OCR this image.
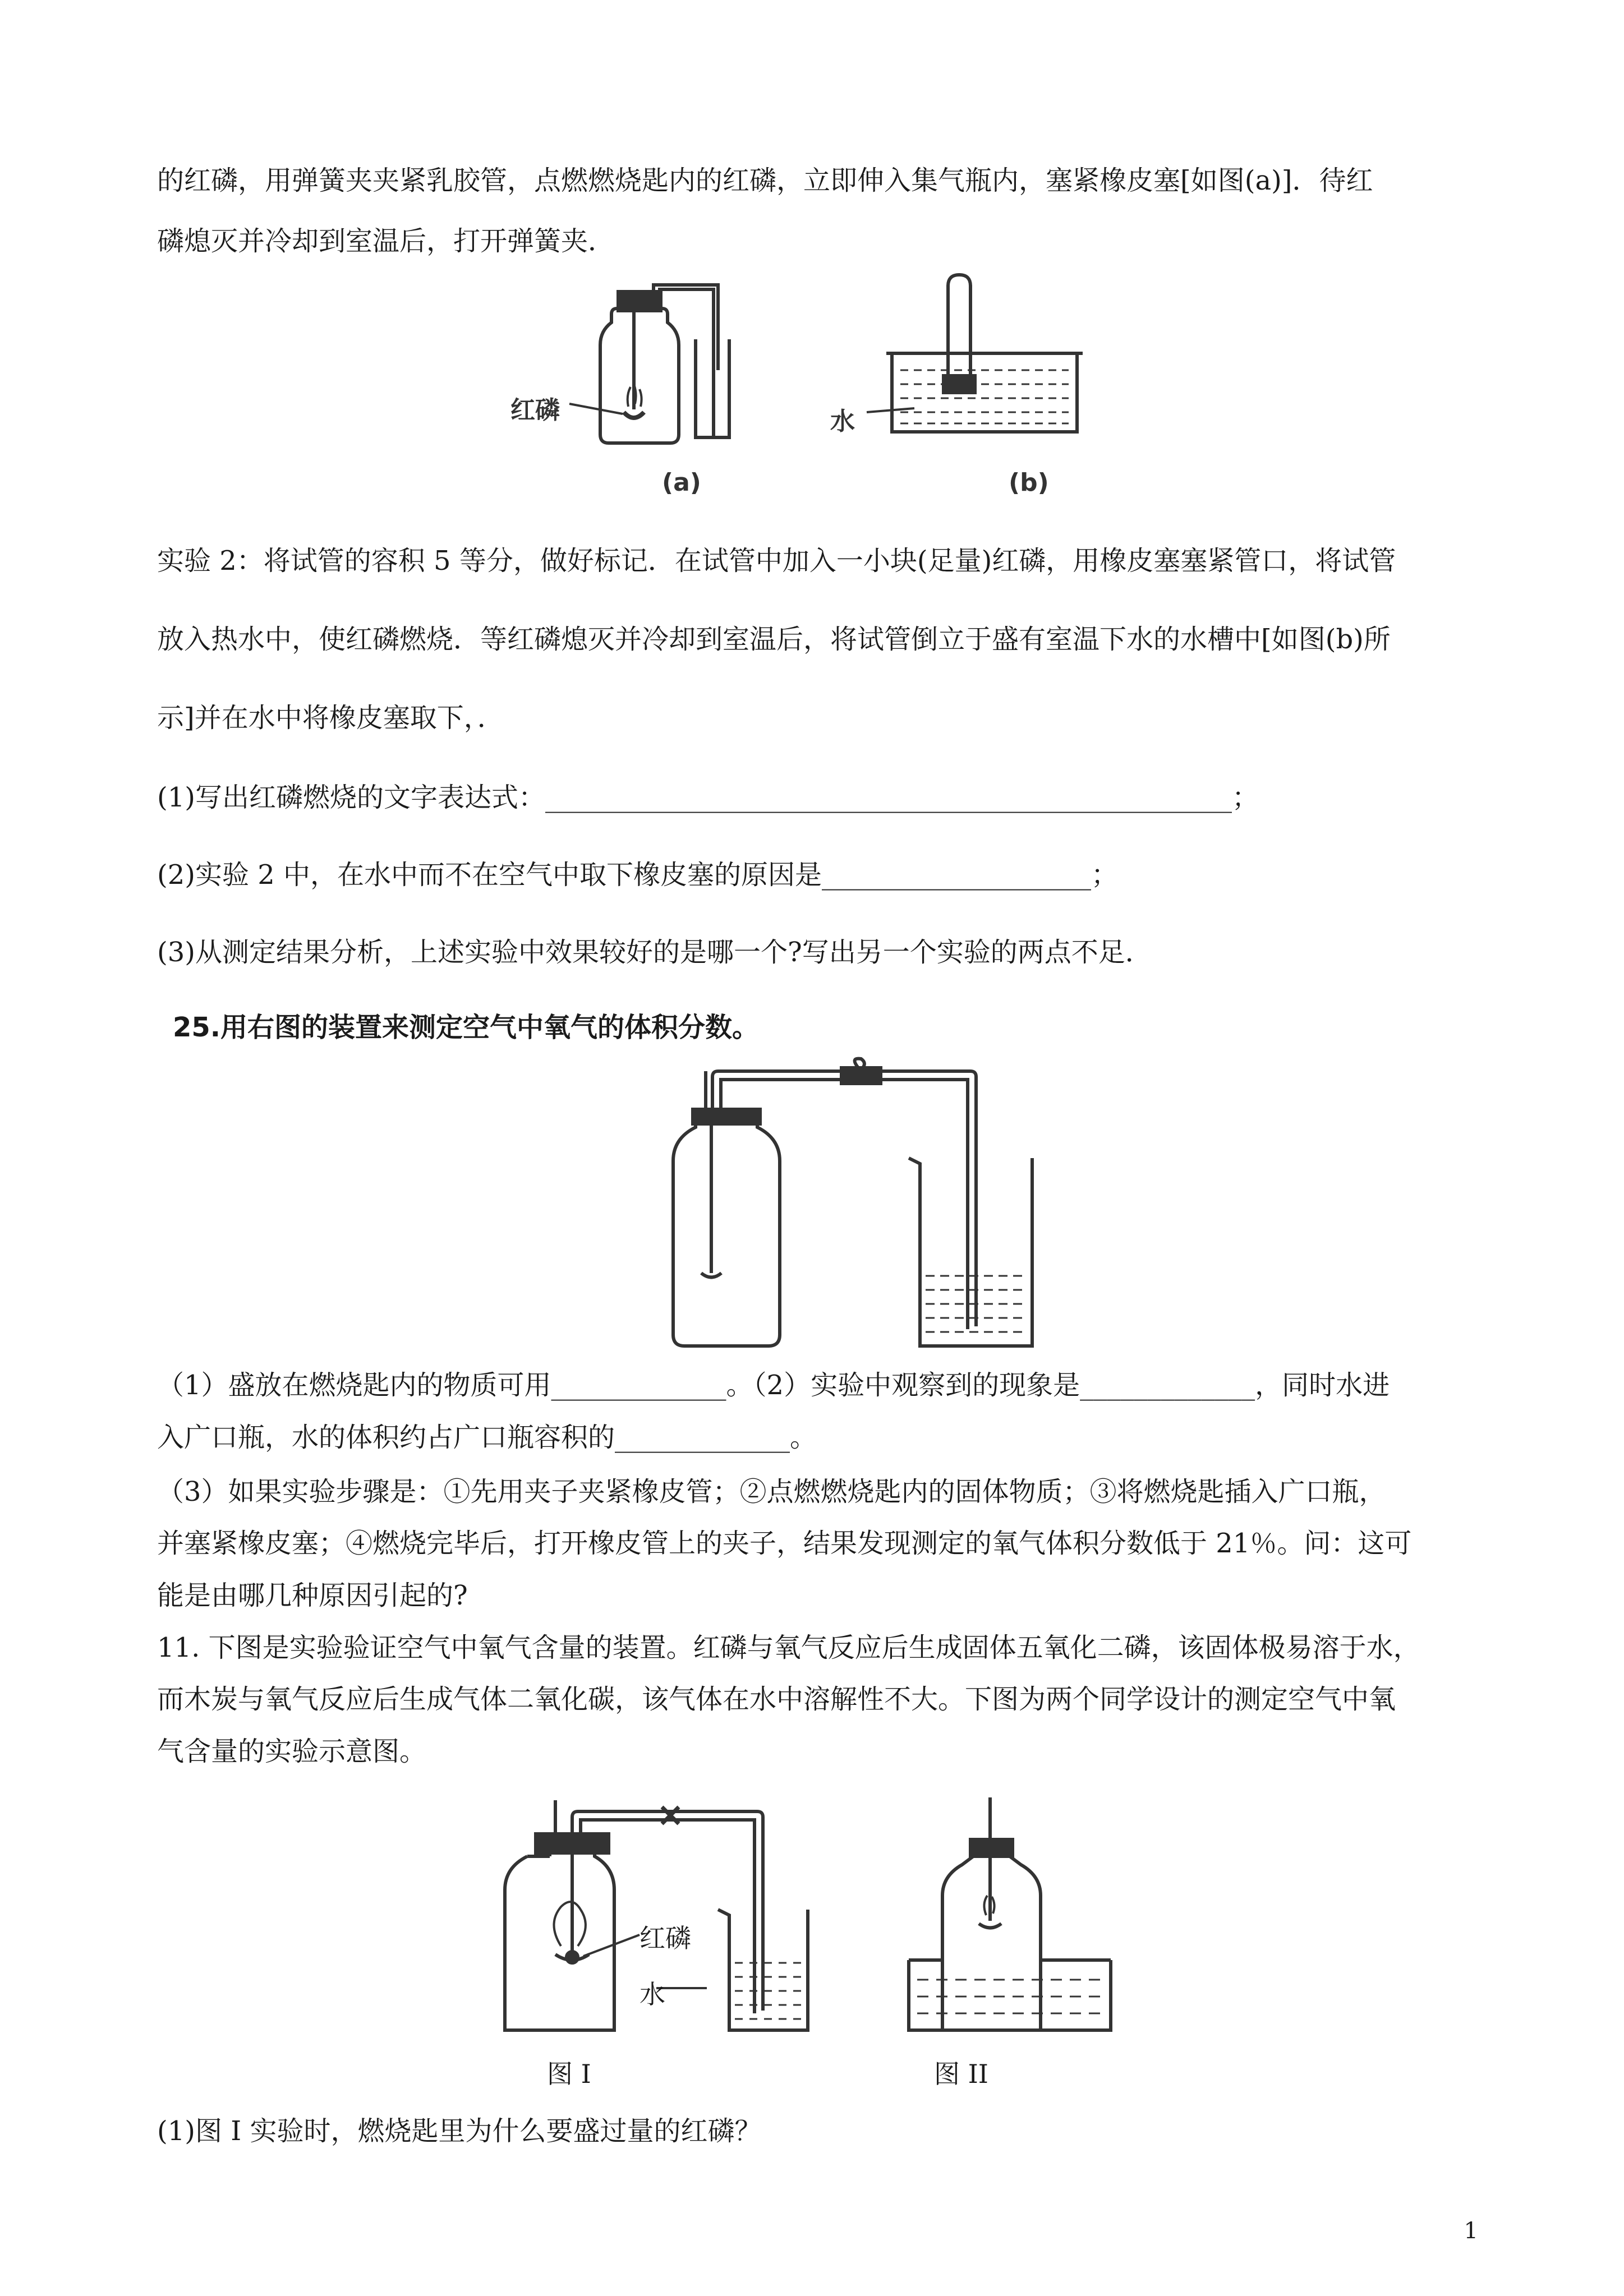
的红磷，用弹簧夹夹紧乳胶管，点燃燃烧匙内的红磷，立即伸入集气瓶内，塞紧橡皮塞[如图(a)]．待红
磷熄灭并冷却到室温后，打开弹簧夹．
红磷	水
(a)	(b)
实验 2：将试管的容积 5 等分，做好标记．在试管中加入一小块(足量)红磷，用橡皮塞塞紧管口，将试管
放入热水中，使红磷燃烧．等红磷熄灭并冷却到室温后，将试管倒立于盛有室温下水的水槽中[如图(b)所
示]并在水中将橡皮塞取下，．
(1)写出红磷燃烧的文字表达式：___________________________________________________；
(2)实验 2 中，在水中而不在空气中取下橡皮塞的原因是____________________；
(3)从测定结果分析，上述实验中效果较好的是哪一个?写出另一个实验的两点不足．
25.用右图的装置来测定空气中氧气的体积分数。
（1）盛放在燃烧匙内的物质可用_____________。（2）实验中观察到的现象是_____________，同时水进
入广口瓶，水的体积约占广口瓶容积的_____________。
（3）如果实验步骤是：①先用夹子夹紧橡皮管；②点燃燃烧匙内的固体物质；③将燃烧匙插入广口瓶，
并塞紧橡皮塞；④燃烧完毕后，打开橡皮管上的夹子，结果发现测定的氧气体积分数低于 21％。问：这可
能是由哪几种原因引起的?
11. 下图是实验验证空气中氧气含量的装置。红磷与氧气反应后生成固体五氧化二磷，该固体极易溶于水，
而木炭与氧气反应后生成气体二氧化碳，该气体在水中溶解性不大。下图为两个同学设计的测定空气中氧
气含量的实验示意图。
红磷
水
图 I	图 II
(1)图 I 实验时，燃烧匙里为什么要盛过量的红磷？
1
